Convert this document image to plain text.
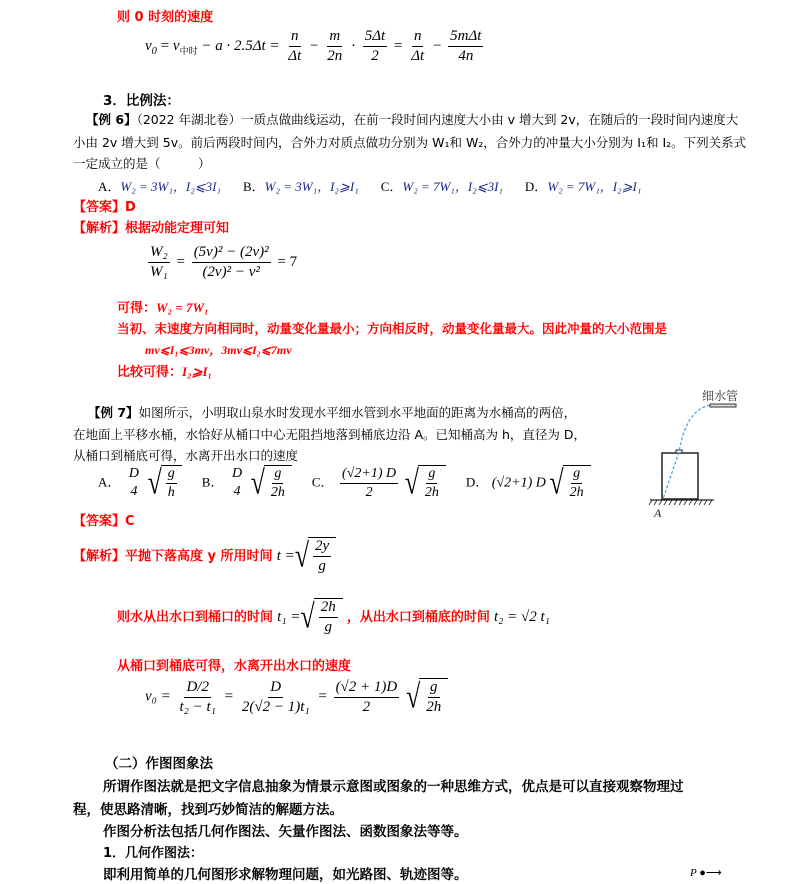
则 0 时刻的速度
$v_0 = v_{中时} - a \cdot 2.5\Delta t = \frac{n}{\Delta t} - \frac{m}{2n} \cdot \frac{5\Delta t}{2} = \frac{n}{\Delta t} - \frac{\text{5mΔt}}{4n}$
3．比例法：
【例 6】（2022 年湖北卷）一质点做曲线运动，在前一段时间内速度大小由 v 增大到 2v，在随后的一段时间内速度大
小由 2v 增大到 5v。前后两段时间内，合外力对质点做功分别为 W₁和 W₂，合外力的冲量大小分别为 I₁和 I₂。下列关系式
一定成立的是（　　　）
A．W₂ = 3W₁，I₂⩽3I₁ B．W₂ = 3W₁，I₂⩾I₁ C．W₂ = 7W₁，I₂⩽3I₁ D．W₂ = 7W₁，I₂⩾I₁
【答案】D
【解析】根据动能定理可知
$\frac{\text{W₂}}{\text{W₁}} = \frac{\text{(5v)² − (2v)²}}{\text{(2v)² − v²}} = 7$
可得：W₂ = 7W₁
当初、末速度方向相同时，动量变化量最小；方向相反时，动量变化量最大。因此冲量的大小范围是
mv⩽I₁⩽3mv，3mv⩽I₂⩽7mv
比较可得：I₂⩾I₁
【例 7】如图所示，小明取山泉水时发现水平细水管到水平地面的距离为水桶高的两倍，
在地面上平移水桶，水恰好从桶口中心无阻挡地落到桶底边沿 A。已知桶高为 h，直径为 D，
从桶口到桶底可得，水离开出水口的速度
A．
D
4
√ $\frac{g}{h}$ B．
D
4
√ $\frac{g}{2h}$ C． $\frac{(√2+1) D}{2}$
√ $\frac{g}{2h}$ D． (√2+1) D √ $\frac{g}{2h}$
细水管
A
【答案】C
【解析】平抛下落高度 y 所用时间 t = √ $\frac{2y}{g}$
则水从出水口到桶口的时间 t₁ = √ $\frac{2h}{g}$ ，从出水口到桶底的时间 t₂ = √2 t₁
从桶口到桶底可得，水离开出水口的速度
$v_0 = \frac{D/2}{\text{t₂ − t₁}} = \frac{D}{\text{2(√2 − 1)t₁}} = \frac{(√2 + 1)D}{2}$
√ $\frac{g}{2h}$
（二）作图图象法
所谓作图法就是把文字信息抽象为情景示意图或图象的一种思维方式，优点是可以直接观察物理过
程，使思路清晰，找到巧妙简洁的解题方法。
作图分析法包括几何作图法、矢量作图法、函数图象法等等。
1．几何作图法：
即利用简单的几何图形求解物理问题，如光路图、轨迹图等。	P ●⟶
